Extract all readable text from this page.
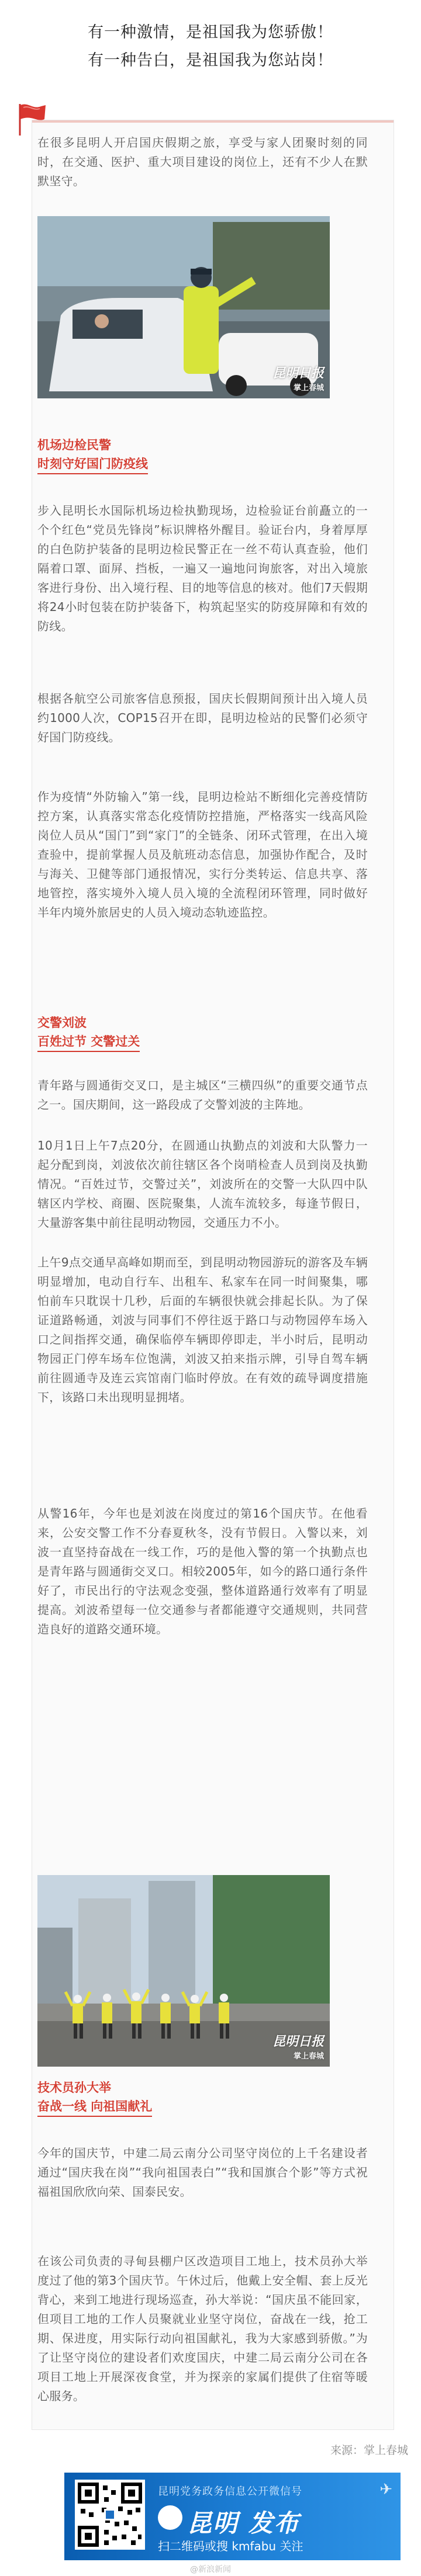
有一种激情，是祖国我为您骄傲！

有一种告白，是祖国我为您站岗！

在很多昆明人开启国庆假期之旅，享受与家人团聚时刻的同时，在交通、医护、重大项目建设的岗位上，还有不少人在默默坚守。

昆明日报
掌上春城
机场边检民警
时刻守好国门防疫线

步入昆明长水国际机场边检执勤现场，边检验证台前矗立的一个个红色“党员先锋岗”标识牌格外醒目。验证台内，身着厚厚的白色防护装备的昆明边检民警正在一丝不苟认真查验，他们隔着口罩、面屏、挡板，一遍又一遍地问询旅客，对出入境旅客进行身份、出入境行程、目的地等信息的核对。他们7天假期将24小时包装在防护装备下，构筑起坚实的防疫屏障和有效的防线。

根据各航空公司旅客信息预报，国庆长假期间预计出入境人员约1000人次，COP15召开在即，昆明边检站的民警们必须守好国门防疫线。

作为疫情“外防输入”第一线，昆明边检站不断细化完善疫情防控方案，认真落实常态化疫情防控措施，严格落实一线高风险岗位人员从“国门”到“家门”的全链条、闭环式管理，在出入境查验中，提前掌握人员及航班动态信息，加强协作配合，及时与海关、卫健等部门通报情况，实行分类转运、信息共享、落地管控，落实境外入境人员入境的全流程闭环管理，同时做好半年内境外旅居史的人员入境动态轨迹监控。

交警刘波
百姓过节 交警过关

青年路与圆通街交叉口，是主城区“三横四纵”的重要交通节点之一。国庆期间，这一路段成了交警刘波的主阵地。

10月1日上午7点20分，在圆通山执勤点的刘波和大队警力一起分配到岗，刘波依次前往辖区各个岗哨检查人员到岗及执勤情况。“百姓过节，交警过关”，刘波所在的交警一大队四中队辖区内学校、商圈、医院聚集，人流车流较多，每逢节假日，大量游客集中前往昆明动物园，交通压力不小。

上午9点交通早高峰如期而至，到昆明动物园游玩的游客及车辆明显增加，电动自行车、出租车、私家车在同一时间聚集，哪怕前车只耽误十几秒，后面的车辆很快就会排起长队。为了保证道路畅通，刘波与同事们不停往返于路口与动物园停车场入口之间指挥交通，确保临停车辆即停即走，半小时后，昆明动物园正门停车场车位饱满，刘波又拍来指示牌，引导自驾车辆前往圆通寺及连云宾馆南门临时停放。在有效的疏导调度措施下，该路口未出现明显拥堵。

从警16年，今年也是刘波在岗度过的第16个国庆节。在他看来，公安交警工作不分春夏秋冬，没有节假日。入警以来，刘波一直坚持奋战在一线工作，巧的是他入警的第一个执勤点也是青年路与圆通街交叉口。相较2005年，如今的路口通行条件好了，市民出行的守法观念变强，整体道路通行效率有了明显提高。刘波希望每一位交通参与者都能遵守交通规则，共同营造良好的道路交通环境。

昆明日报
掌上春城
技术员孙大举
奋战一线 向祖国献礼

今年的国庆节，中建二局云南分公司坚守岗位的上千名建设者通过“国庆我在岗”“我向祖国表白”“我和国旗合个影”等方式祝福祖国欣欣向荣、国泰民安。

在该公司负责的寻甸县棚户区改造项目工地上，技术员孙大举度过了他的第3个国庆节。午休过后，他戴上安全帽、套上反光背心，来到工地进行现场巡查，孙大举说：“国庆虽不能回家，但项目工地的工作人员聚就业业坚守岗位，奋战在一线，抢工期、保进度，用实际行动向祖国献礼，我为大家感到骄傲。”为了让坚守岗位的建设者们欢度国庆，中建二局云南分公司在各项目工地上开展深夜食堂，并为探亲的家属们提供了住宿等暖心服务。

来源：掌上春城
昆明党务政务信息公开微信号
昆明 发布
扫二维码或搜 kmfabu 关注
✈
@新浪新闻
